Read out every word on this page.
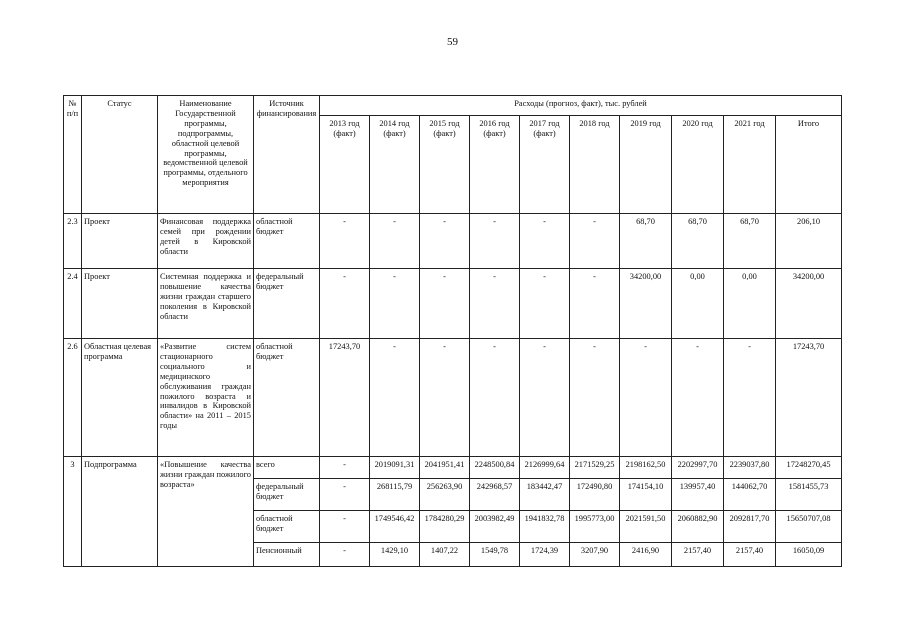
59
№ п/п	Статус	Наименование Государственной программы, подпрограммы, областной целевой программы, ведомственной целевой программы, отдельного мероприятия	Источник финансирования	Расходы (прогноз, факт), тыс. рублей									
				2013 год (факт)	2014 год (факт)	2015 год (факт)	2016 год (факт)	2017 год (факт)	2018 год	2019 год	2020 год	2021 год	Итого
2.3	Проект	Финансовая поддержка семей при рождении детей в Кировской области	областной бюджет	-	-	-	-	-	-	68,70	68,70	68,70	206,10
2.4	Проект	Системная поддержка и повышение качества жизни граждан старшего поколения в Кировской области	федеральный бюджет	-	-	-	-	-	-	34200,00	0,00	0,00	34200,00
2.6	Областная целевая программа	«Развитие систем стационарного социального и медицинского обслуживания граждан пожилого возраста и инвалидов в Кировской области» на 2011 – 2015 годы	областной бюджет	17243,70	-	-	-	-	-	-	-	-	17243,70
3	Подпрограмма	«Повышение качества жизни граждан пожилого возраста»	всего	-	2019091,31	2041951,41	2248500,84	2126999,64	2171529,25	2198162,50	2202997,70	2239037,80	17248270,45
			федеральный бюджет	-	268115,79	256263,90	242968,57	183442,47	172490,80	174154,10	139957,40	144062,70	1581455,73
			областной бюджет	-	1749546,42	1784280,29	2003982,49	1941832,78	1995773,00	2021591,50	2060882,90	2092817,70	15650707,08
			Пенсионный	-	1429,10	1407,22	1549,78	1724,39	3207,90	2416,90	2157,40	2157,40	16050,09
